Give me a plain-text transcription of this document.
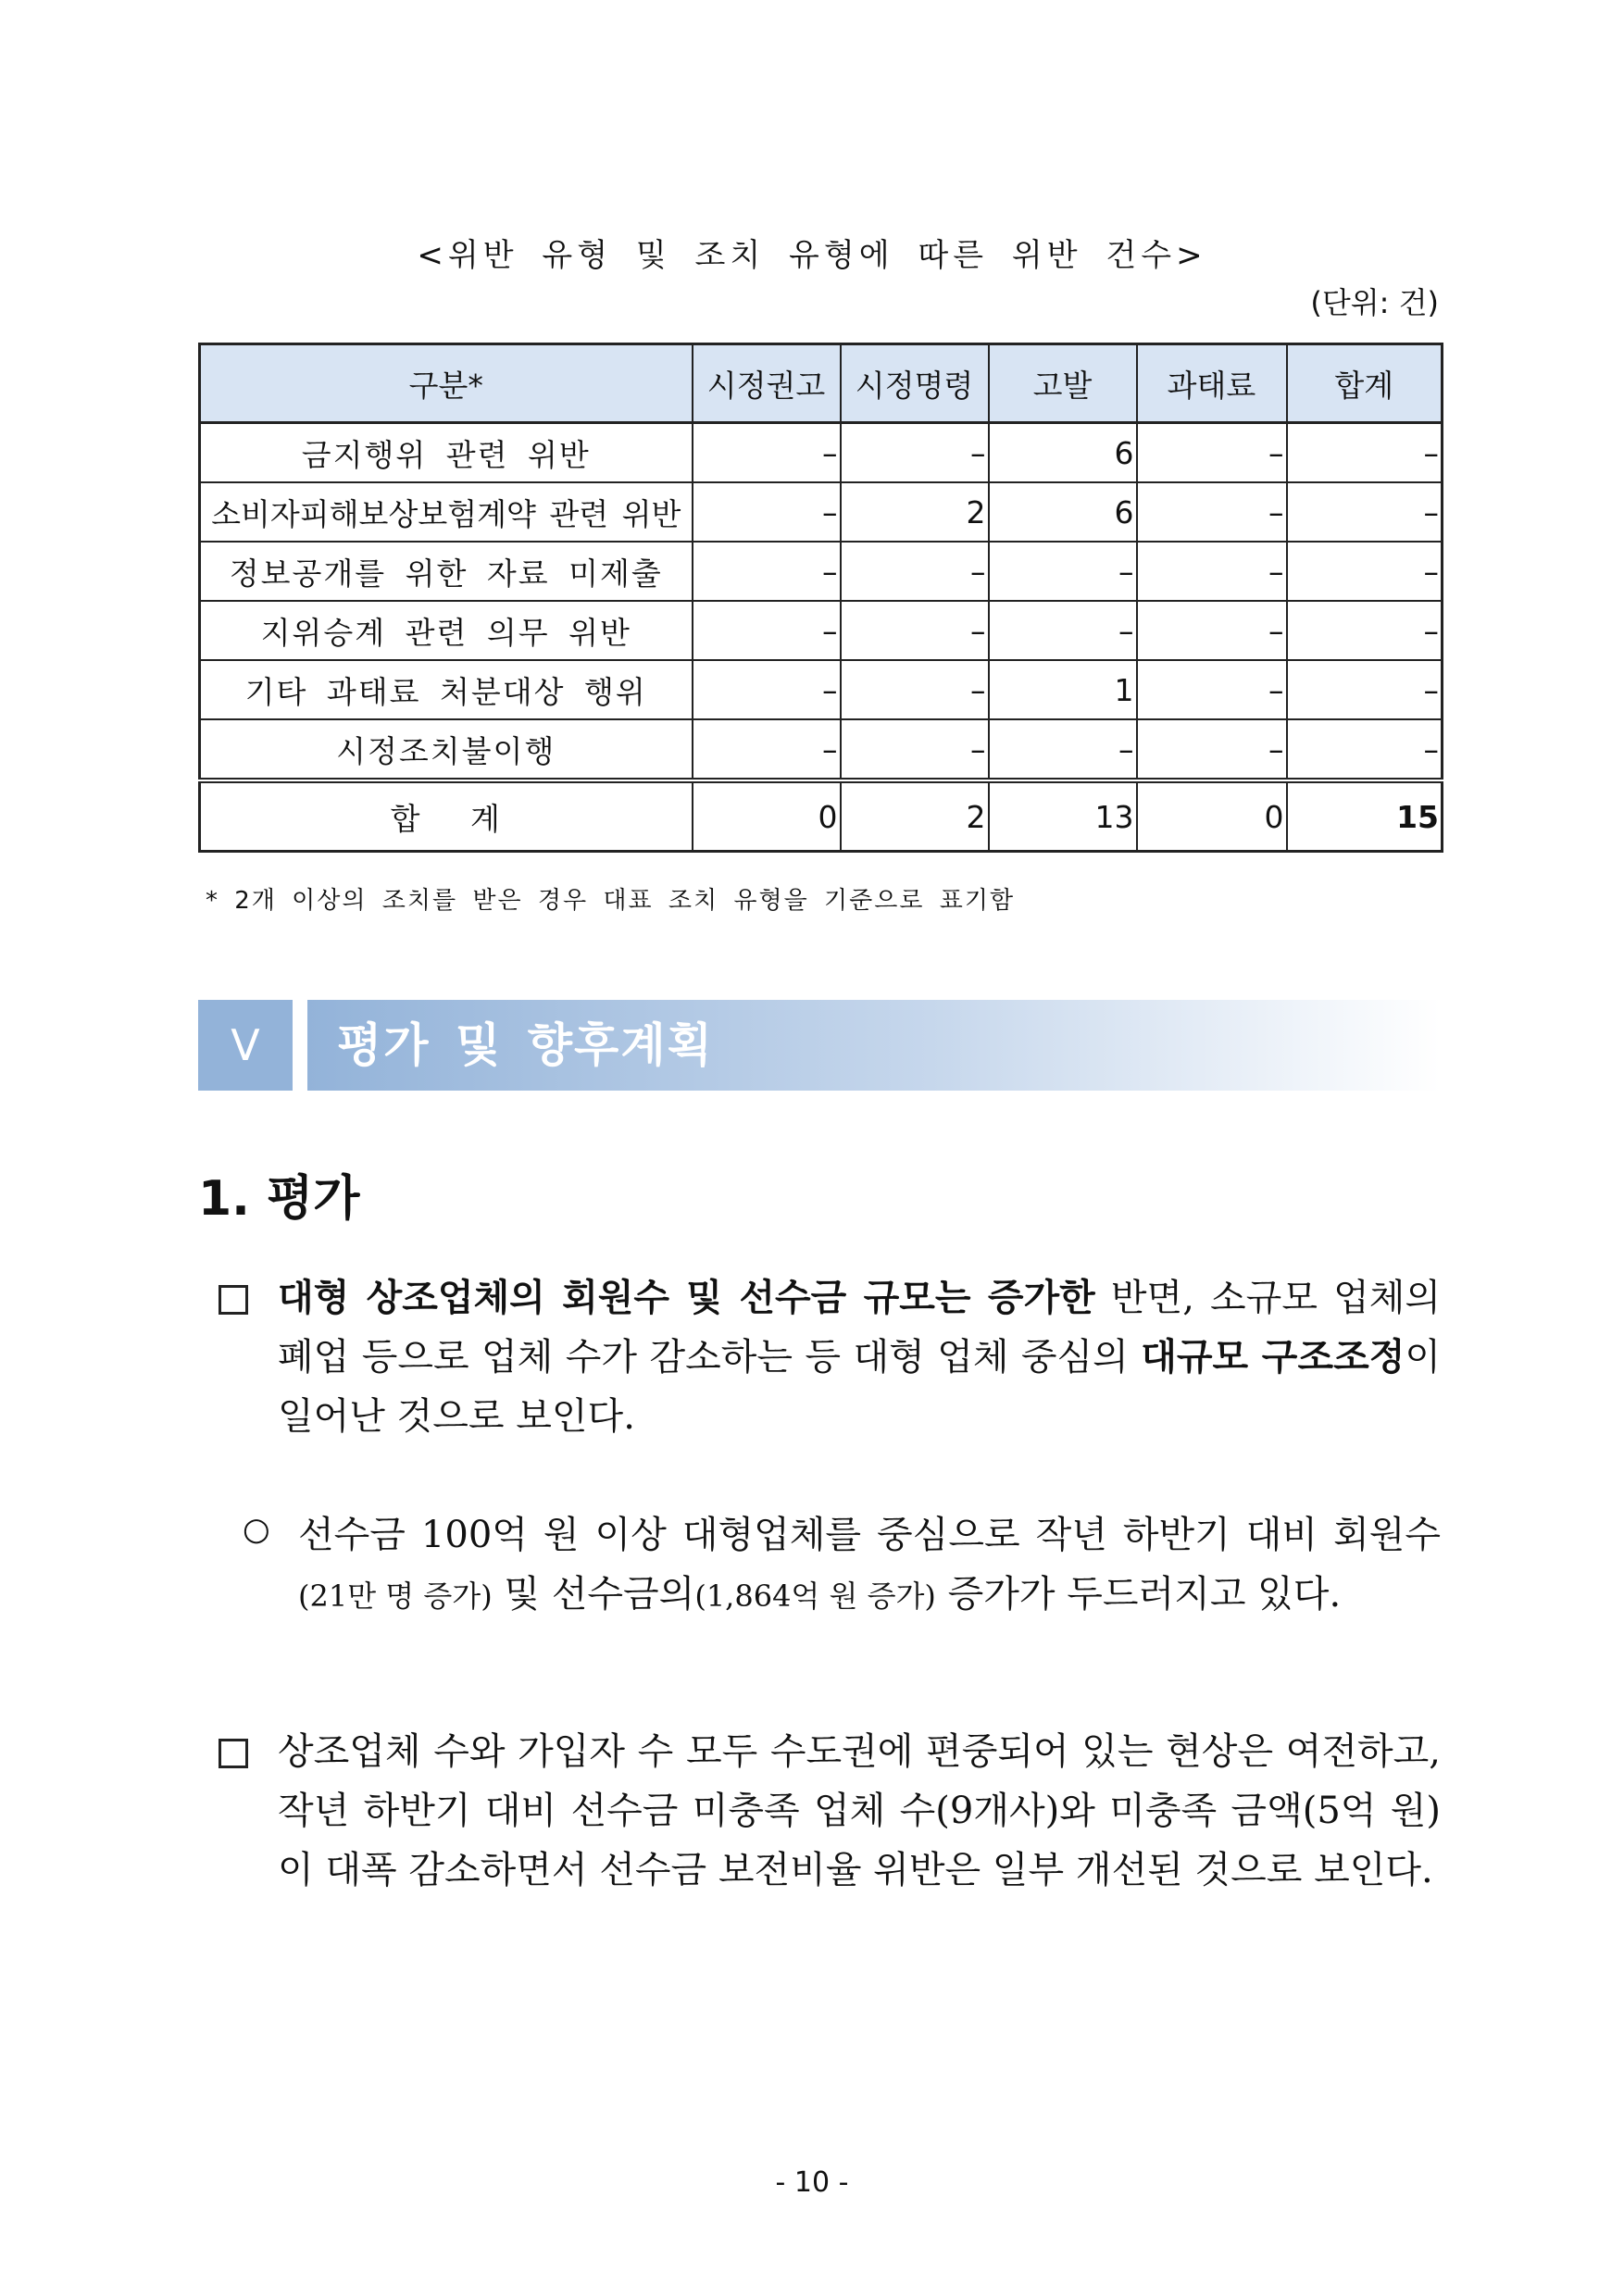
<위반 유형 및 조치 유형에 따른 위반 건수>
(단위: 건)
구분*	시정권고	시정명령	고발	과태료	합계
금지행위 관련 위반	–	–	6	–	–
소비자피해보상보험계약 관련 위반	–	2	6	–	–
정보공개를 위한 자료 미제출	–	–	–	–	–
지위승계 관련 의무 위반	–	–	–	–	–
기타 과태료 처분대상 행위	–	–	1	–	–
시정조치불이행	–	–	–	–	–
합 계	0	2	13	0	15
* 2개 이상의 조치를 받은 경우 대표 조치 유형을 기준으로 표기함
Ⅴ	평가 및 향후계획
1. 평가
대형 상조업체의 회원수 및 선수금 규모는 증가한 반면, 소규모 업체의 폐업 등으로 업체 수가 감소하는 등 대형 업체 중심의 대규모 구조조정이 일어난 것으로 보인다.
○ 선수금 100억 원 이상 대형업체를 중심으로 작년 하반기 대비 회원수(21만 명 증가) 및 선수금의(1,864억 원 증가) 증가가 두드러지고 있다.
상조업체 수와 가입자 수 모두 수도권에 편중되어 있는 현상은 여전하고, 작년 하반기 대비 선수금 미충족 업체 수(9개사)와 미충족 금액(5억 원)이 대폭 감소하면서 선수금 보전비율 위반은 일부 개선된 것으로 보인다.
- 10 -
